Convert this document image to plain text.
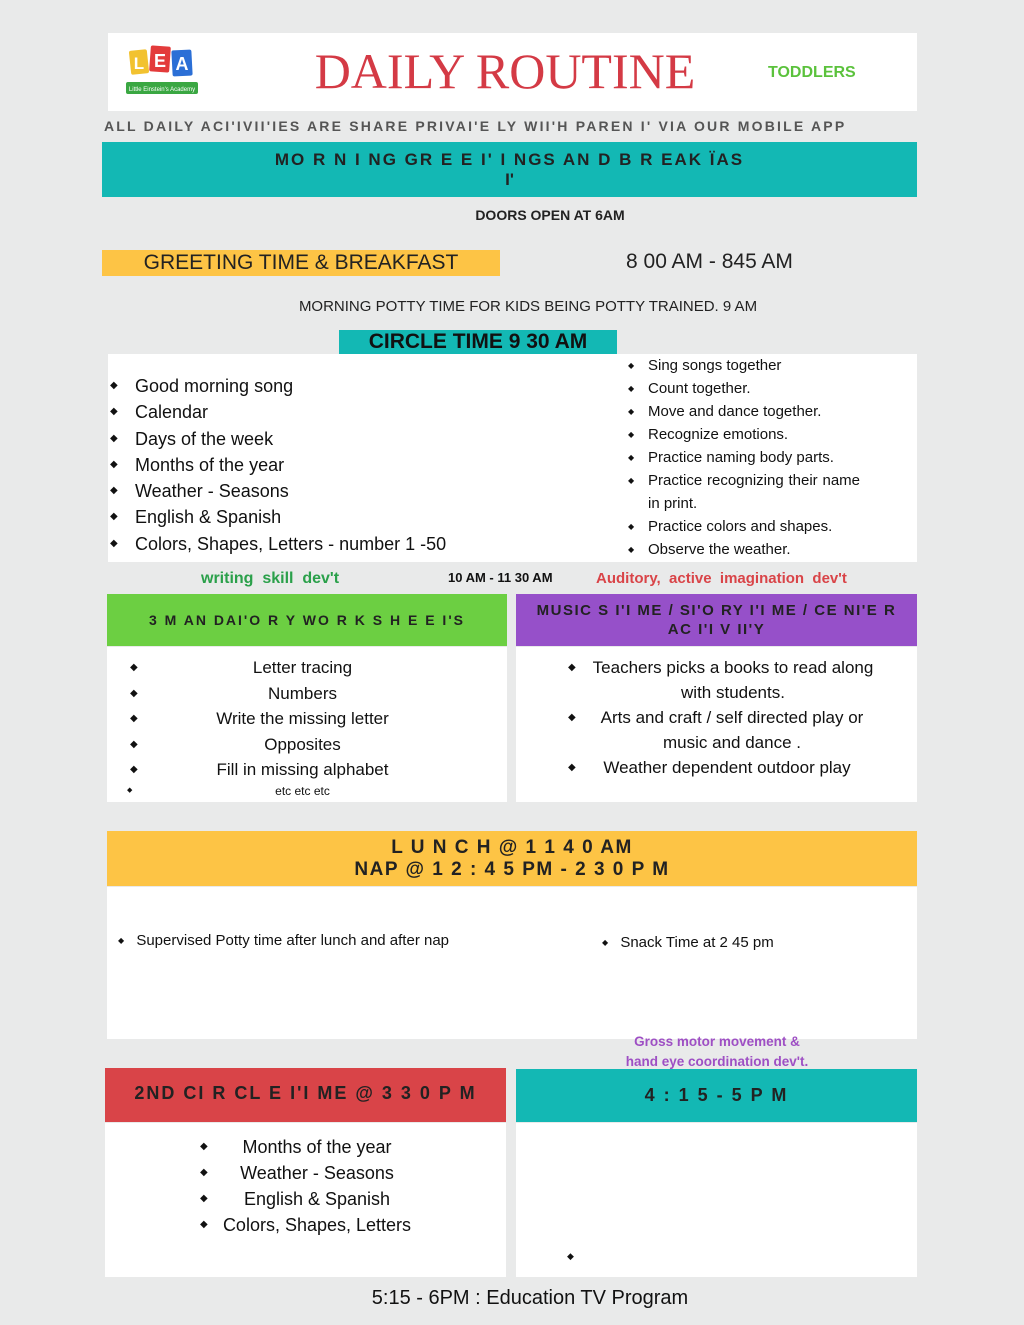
L E A
Little Einstein's Academy	DAILY ROUTINE	TODDLERS
ALL DAILY ACI'IVII'IES ARE SHARE PRIVAI'E LY WII'H PAREN I' VIA OUR MOBILE APP
MO R N I NG GR E E I' I NGS AN D B R EAK ÏAS
I'
DOORS OPEN AT 6AM
GREETING TIME & BREAKFAST	8 00 AM - 845 AM
MORNING POTTY TIME FOR KIDS BEING POTTY TRAINED. 9 AM
CIRCLE TIME 9 30 AM
◆ Good morning song
◆ Calendar
◆ Days of the week
◆ Months of the year
◆ Weather - Seasons
◆ English & Spanish
◆ Colors, Shapes, Letters - number 1 -50
◆ Sing songs together
◆ Count together.
◆ Move and dance together.
◆ Recognize emotions.
◆ Practice naming body parts.
◆ Practice recognizing their name in print.
◆ Practice colors and shapes.
◆ Observe the weather.
writing  skill  dev't	10 AM - 11 30 AM	Auditory,  active  imagination  dev't
3 M AN DAI'O R Y WO R K S H E E I'S
◆	Letter tracing
◆	Numbers
◆	Write the missing letter
◆	Opposites
◆	Fill in missing alphabet
◆	etc etc etc
MUSIC S I'I ME / SI'O RY I'I ME / CE NI'E R AC I'I V II'Y
◆ Teachers picks a books to read along with students.
◆	Arts and craft / self directed play or music and dance .
◆	Weather dependent outdoor play
L U N C H @ 1 1 4 0 AM
NAP @ 1 2 : 4 5 PM - 2 3 0 P M
◆ Supervised Potty time after lunch and after nap	◆ Snack Time at 2 45 pm
Gross motor movement &
hand eye coordination dev't.
2ND CI R CL E I'I ME @ 3 3 0 P M
◆ Months of the year
◆ Weather - Seasons
◆ English & Spanish
◆ Colors, Shapes, Letters
4 : 1 5 - 5 P M
◆
5:15 - 6PM : Education TV Program
